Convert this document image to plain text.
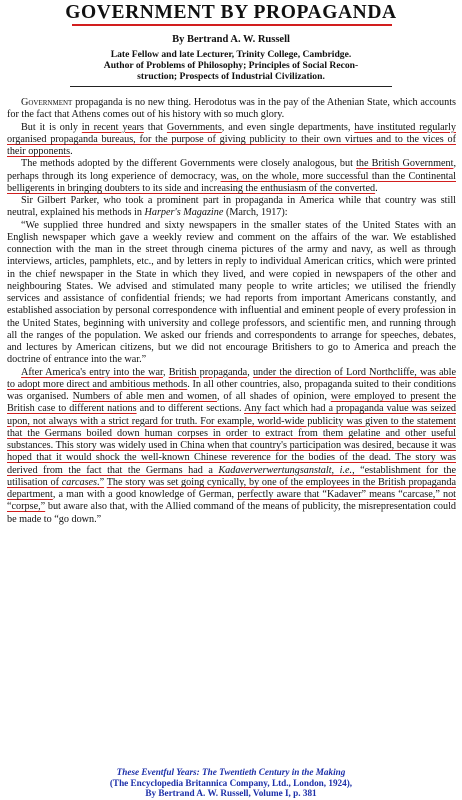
GOVERNMENT BY PROPAGANDA
By Bertrand A. W. Russell
Late Fellow and late Lecturer, Trinity College, Cambridge.
Author of Problems of Philosophy; Principles of Social Recon-
struction; Prospects of Industrial Civilization.

Government propaganda is no new thing. Herodotus was in the pay of the Athenian State, which accounts for the fact that Athens comes out of his history with so much glory.

But it is only in recent years that Governments, and even single departments, have instituted regularly organised propaganda bureaus, for the purpose of giving publicity to their own virtues and to the vices of their opponents.

The methods adopted by the different Governments were closely analogous, but the British Government, perhaps through its long experience of democracy, was, on the whole, more successful than the Continental belligerents in bringing doubters to its side and increasing the enthusiasm of the converted.

Sir Gilbert Parker, who took a prominent part in propaganda in America while that country was still neutral, explained his methods in Harper's Magazine (March, 1917):

“We supplied three hundred and sixty newspapers in the smaller states of the United States with an English newspaper which gave a weekly review and comment on the affairs of the war. We established connection with the man in the street through cinema pictures of the army and navy, as well as through interviews, articles, pamphlets, etc., and by letters in reply to individual American critics, which were printed in the chief newspaper in the State in which they lived, and were copied in newspapers of the other and neighbouring States. We advised and stimulated many people to write articles; we utilised the friendly services and assistance of confidential friends; we had reports from important Americans constantly, and established association by personal correspondence with influential and eminent people of every profession in the United States, beginning with university and college professors, and scientific men, and running through all the ranges of the population. We asked our friends and correspondents to arrange for speeches, debates, and lectures by American citizens, but we did not encourage Britishers to go to America and preach the doctrine of entrance into the war.”

After America's entry into the war, British propaganda, under the direction of Lord Northcliffe, was able to adopt more direct and ambitious methods. In all other countries, also, propaganda suited to their conditions was organised. Numbers of able men and women, of all shades of opinion, were employed to present the British case to different nations and to different sections. Any fact which had a propaganda value was seized upon, not always with a strict regard for truth. For example, world-wide publicity was given to the statement that the Germans boiled down human corpses in order to extract from them gelatine and other useful substances. This story was widely used in China when that country's participation was desired, because it was hoped that it would shock the well-known Chinese reverence for the bodies of the dead. The story was derived from the fact that the Germans had a Kadaververwertungsanstalt, i.e., “establishment for the utilisation of carcases.” The story was set going cynically, by one of the employees in the British propaganda department, a man with a good knowledge of German, perfectly aware that “Kadaver” means “carcase,” not “corpse,” but aware also that, with the Allied command of the means of publicity, the misrepresentation could be made to “go down.”

These Eventful Years: The Twentieth Century in the Making
(The Encyclopedia Britannica Company, Ltd., London, 1924),
By Bertrand A. W. Russell, Volume I, p. 381
